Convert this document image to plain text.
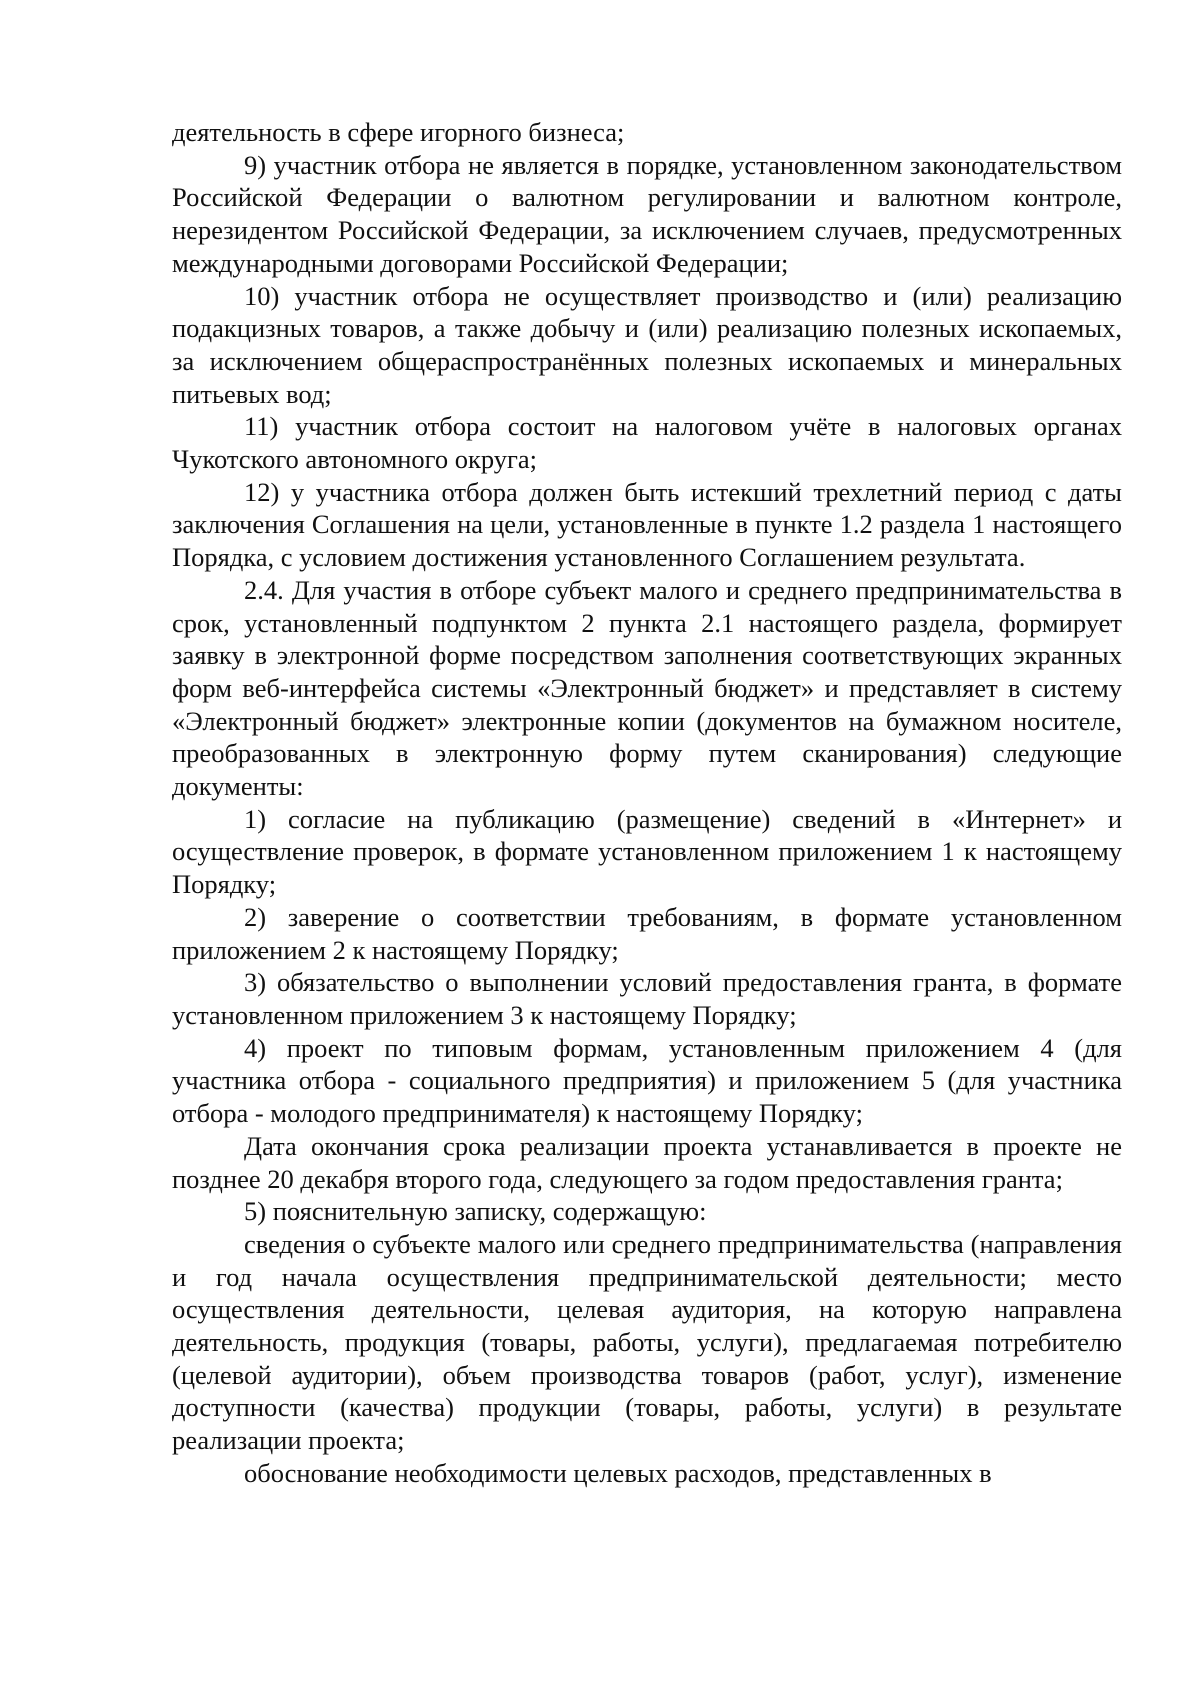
деятельность в сфере игорного бизнеса;

9) участник отбора не является в порядке, установленном законодательством Российской Федерации о валютном регулировании и валютном контроле, нерезидентом Российской Федерации, за исключением случаев, предусмотренных международными договорами Российской Федерации;

10) участник отбора не осуществляет производство и (или) реализацию подакцизных товаров, а также добычу и (или) реализацию полезных ископаемых, за исключением общераспространённых полезных ископаемых и минеральных питьевых вод;

11) участник отбора состоит на налоговом учёте в налоговых органах Чукотского автономного округа;

12) у участника отбора должен быть истекший трехлетний период с даты заключения Соглашения на цели, установленные в пункте 1.2 раздела 1 настоящего Порядка, с условием достижения установленного Соглашением результата.

2.4. Для участия в отборе субъект малого и среднего предпринимательства в срок, установленный подпунктом 2 пункта 2.1 настоящего раздела, формирует заявку в электронной форме посредством заполнения соответствующих экранных форм веб-интерфейса системы «Электронный бюджет» и представляет в систему «Электронный бюджет» электронные копии (документов на бумажном носителе, преобразованных в электронную форму путем сканирования) следующие документы:

1) согласие на публикацию (размещение) сведений в «Интернет» и осуществление проверок, в формате установленном приложением 1 к настоящему Порядку;

2) заверение о соответствии требованиям, в формате установленном приложением 2 к настоящему Порядку;

3) обязательство о выполнении условий предоставления гранта, в формате установленном приложением 3 к настоящему Порядку;

4) проект по типовым формам, установленным приложением 4 (для участника отбора - социального предприятия) и приложением 5 (для участника отбора - молодого предпринимателя) к настоящему Порядку;

Дата окончания срока реализации проекта устанавливается в проекте не позднее 20 декабря второго года, следующего за годом предоставления гранта;

5) пояснительную записку, содержащую:

сведения о субъекте малого или среднего предпринимательства (направления и год начала осуществления предпринимательской деятельности; место осуществления деятельности, целевая аудитория, на которую направлена деятельность, продукция (товары, работы, услуги), предлагаемая потребителю (целевой аудитории), объем производства товаров (работ, услуг), изменение доступности (качества) продукции (товары, работы, услуги) в результате реализации проекта;

обоснование необходимости целевых расходов, представленных в
